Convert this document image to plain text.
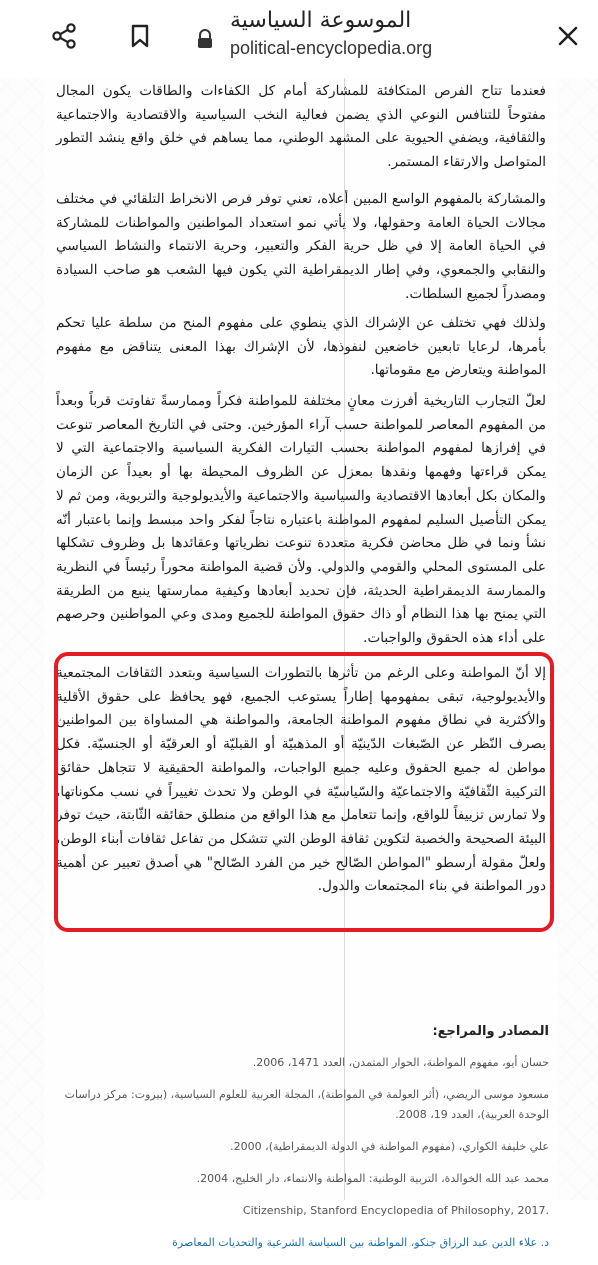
الموسوعة السياسية
political-encyclopedia.org
فعندما تتاح الفرص المتكافئة للمشاركة أمام كل الكفاءات والطاقات يكون المجال مفتوحاً للتنافس النوعي الذي يضمن فعالية النخب السياسية والاقتصادية والاجتماعية والثقافية، ويضفي الحيوية على المشهد الوطني، مما يساهم في خلق واقع ينشد التطور المتواصل والارتقاء المستمر.
والمشاركة بالمفهوم الواسع المبين أعلاه، تعني توفر فرص الانخراط التلقائي في مختلف مجالات الحياة العامة وحقولها، ولا يأتي نمو استعداد المواطنين والمواطنات للمشاركة في الحياة العامة إلا في ظل حرية الفكر والتعبير، وحرية الانتماء والنشاط السياسي والنقابي والجمعوي، وفي إطار الديمقراطية التي يكون فيها الشعب هو صاحب السيادة ومصدراً لجميع السلطات.
ولذلك فهي تختلف عن الإشراك الذي ينطوي على مفهوم المنح من سلطة عليا تحكم بأمرها، لرعايا تابعين خاضعين لنفوذها، لأن الإشراك بهذا المعنى يتناقض مع مفهوم المواطنة ويتعارض مع مقوماتها.
لعلّ التجارب التاريخية أفرزت معانٍ مختلفة للمواطنة فكراً وممارسةً تفاوتت قرباً وبعداً من المفهوم المعاصر للمواطنة حسب آراء المؤرخين. وحتى في التاريخ المعاصر تنوعت في إفرازها لمفهوم المواطنة بحسب التيارات الفكرية السياسية والاجتماعية التي لا يمكن قراءتها وفهمها ونقدها بمعزل عن الظروف المحيطة بها أو بعيداً عن الزمان والمكان بكل أبعادها الاقتصادية والسياسية والاجتماعية والأيديولوجية والتربوية، ومن ثم لا يمكن التأصيل السليم لمفهوم المواطنة باعتباره نتاجاً لفكر واحد مبسط وإنما باعتبار أنّه نشأ ونما في ظل محاضن فكرية متعددة تنوعت نظرياتها وعقائدها بل وظروف تشكلها على المستوى المحلي والقومي والدولي. ولأن قضية المواطنة محوراً رئيساً في النظرية والممارسة الديمقراطية الحديثة، فإن تحديد أبعادها وكيفية ممارستها ينبع من الطريقة التي يمنح بها هذا النظام أو ذاك حقوق المواطنة للجميع ومدى وعي المواطنين وحرصهم على أداء هذه الحقوق والواجبات.
إلا أنّ المواطنة وعلى الرغم من تأثرها بالتطورات السياسية وبتعدد الثقافات المجتمعية والأيديولوجية، تبقى بمفهومها إطاراً يستوعب الجميع، فهو يحافظ على حقوق الأقلية والأكثرية في نطاق مفهوم المواطنة الجامعة، والمواطنة هي المساواة بين المواطنين بصرف النّظر عن الصّبغات الدّينيّة أو المذهبيّة أو القبليّة أو العرقيّة أو الجنسيّة. فكل مواطن له جميع الحقوق وعليه جميع الواجبات، والمواطنة الحقيقية لا تتجاهل حقائق التركيبة الثّقافيّة والاجتماعيّة والسّياسيّة في الوطن ولا تحدث تغييراً في نسب مكوناتها، ولا تمارس تزييفاً للواقع، وإنما تتعامل مع هذا الواقع من منطلق حقائقه الثّابتة، حيث توفر البيئة الصحيحة والخصبة لتكوين ثقافة الوطن التي تتشكل من تفاعل ثقافات أبناء الوطن، ولعلّ مقولة أرسطو "المواطن الصّالح خير من الفرد الصّالح" هي أصدق تعبير عن أهمية دور المواطنة في بناء المجتمعات والدول.
المصادر والمراجع:
حسان أيو، مفهوم المواطنة، الحوار المتمدن، العدد 1471، 2006.
مسعود موسى الريضي، (أثر العولمة في المواطنة)، المجلة العربية للعلوم السياسية، (بيروت: مركز دراسات الوحدة العربية)، العدد 19، 2008.
علي خليفة الكواري، (مفهوم المواطنة في الدولة الديمقراطية)، 2000.
محمد عبد الله الخوالدة، التربية الوطنية: المواطنة والانتماء، دار الخليج، 2004.
Citizenship, Stanford Encyclopedia of Philosophy, 2017.
د. علاء الدين عبد الرزاق جنكو، المواطنة بين السياسة الشرعية والتحديات المعاصرة
